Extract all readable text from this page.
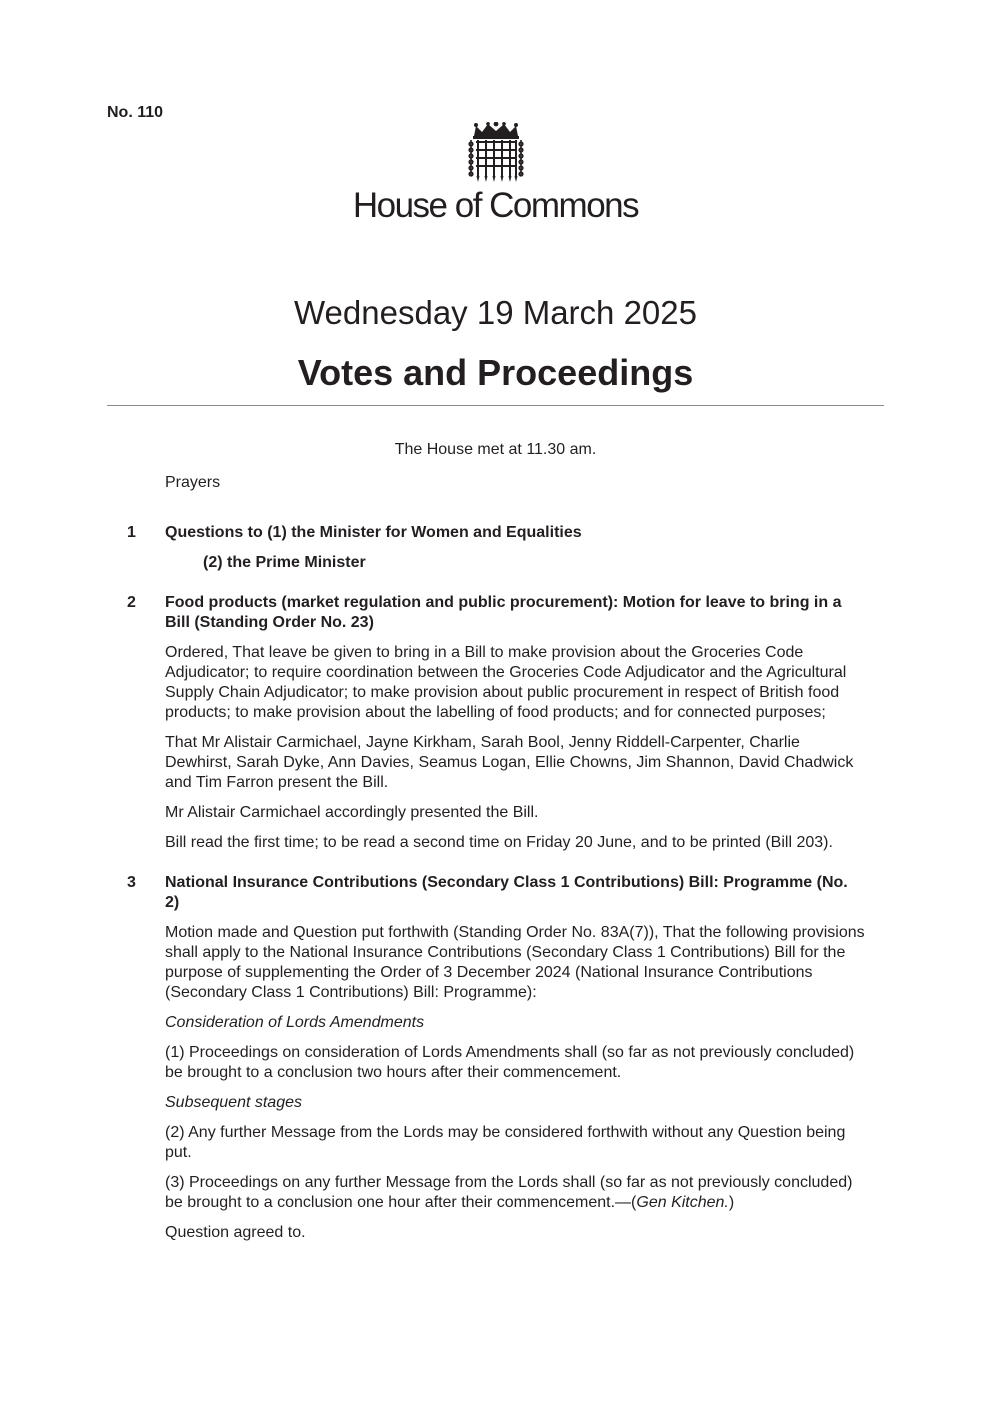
No. 110
House of Commons
Wednesday 19 March 2025
Votes and Proceedings
The House met at 11.30 am.
Prayers
1 Questions to (1) the Minister for Women and Equalities
(2) the Prime Minister
2 Food products (market regulation and public procurement): Motion for leave to bring in a Bill (Standing Order No. 23)

Ordered, That leave be given to bring in a Bill to make provision about the Groceries Code Adjudicator; to require coordination between the Groceries Code Adjudicator and the Agricultural Supply Chain Adjudicator; to make provision about public procurement in respect of British food products; to make provision about the labelling of food products; and for connected purposes;

That Mr Alistair Carmichael, Jayne Kirkham, Sarah Bool, Jenny Riddell-Carpenter, Charlie Dewhirst, Sarah Dyke, Ann Davies, Seamus Logan, Ellie Chowns, Jim Shannon, David Chadwick and Tim Farron present the Bill.

Mr Alistair Carmichael accordingly presented the Bill.

Bill read the first time; to be read a second time on Friday 20 June, and to be printed (Bill 203).

3 National Insurance Contributions (Secondary Class 1 Contributions) Bill: Programme (No. 2)

Motion made and Question put forthwith (Standing Order No. 83A(7)), That the following provisions shall apply to the National Insurance Contributions (Secondary Class 1 Contributions) Bill for the purpose of supplementing the Order of 3 December 2024 (National Insurance Contributions (Secondary Class 1 Contributions) Bill: Programme):

Consideration of Lords Amendments

(1) Proceedings on consideration of Lords Amendments shall (so far as not previously concluded) be brought to a conclusion two hours after their commencement.

Subsequent stages

(2) Any further Message from the Lords may be considered forthwith without any Question being put.

(3) Proceedings on any further Message from the Lords shall (so far as not previously concluded) be brought to a conclusion one hour after their commencement.—(Gen Kitchen.)

Question agreed to.
